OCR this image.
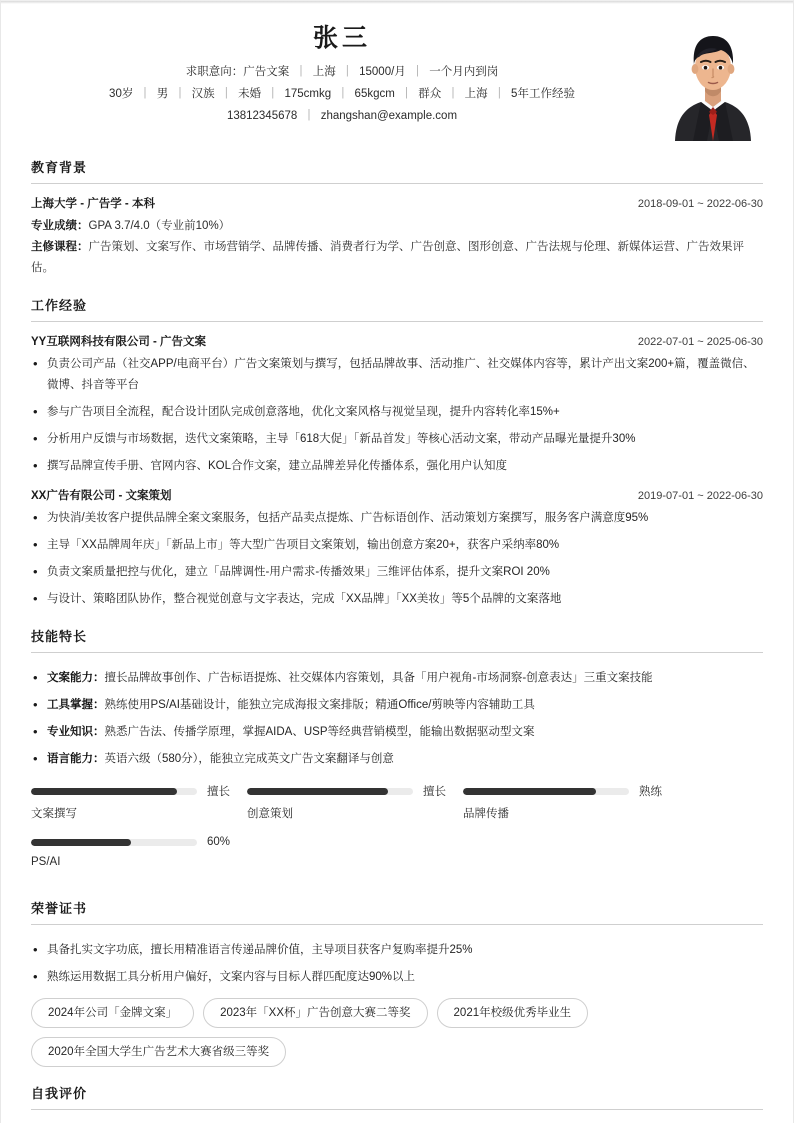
张三
求职意向：广告文案 | 上海 | 15000/月 | 一个月内到岗
30岁 | 男 | 汉族 | 未婚 | 175cmkg | 65kgcm | 群众 | 上海 | 5年工作经验
13812345678 | zhangshan@example.com
教育背景
上海大学 - 广告学 - 本科	2018-09-01 ~ 2022-06-30
专业成绩：GPA 3.7/4.0（专业前10%）
主修课程：广告策划、文案写作、市场营销学、品牌传播、消费者行为学、广告创意、图形创意、广告法规与伦理、新媒体运营、广告效果评估。
工作经验
YY互联网科技有限公司 - 广告文案	2022-07-01 ~ 2025-06-30
• 负责公司产品（社交APP/电商平台）广告文案策划与撰写，包括品牌故事、活动推广、社交媒体内容等，累计产出文案200+篇，覆盖微信、微博、抖音等平台
• 参与广告项目全流程，配合设计团队完成创意落地，优化文案风格与视觉呈现，提升内容转化率15%+
• 分析用户反馈与市场数据，迭代文案策略，主导「618大促」「新品首发」等核心活动文案，带动产品曝光量提升30%
• 撰写品牌宣传手册、官网内容、KOL合作文案，建立品牌差异化传播体系，强化用户认知度
XX广告有限公司 - 文案策划	2019-07-01 ~ 2022-06-30
• 为快消/美妆客户提供品牌全案文案服务，包括产品卖点提炼、广告标语创作、活动策划方案撰写，服务客户满意度95%
• 主导「XX品牌周年庆」「新品上市」等大型广告项目文案策划，输出创意方案20+，获客户采纳率80%
• 负责文案质量把控与优化，建立「品牌调性-用户需求-传播效果」三维评估体系，提升文案ROI 20%
• 与设计、策略团队协作，整合视觉创意与文字表达，完成「XX品牌」「XX美妆」等5个品牌的文案落地
技能特长
• 文案能力：擅长品牌故事创作、广告标语提炼、社交媒体内容策划，具备「用户视角-市场洞察-创意表达」三重文案技能
• 工具掌握：熟练使用PS/AI基础设计，能独立完成海报文案排版；精通Office/剪映等内容辅助工具
• 专业知识：熟悉广告法、传播学原理，掌握AIDA、USP等经典营销模型，能输出数据驱动型文案
• 语言能力：英语六级（580分），能独立完成英文广告文案翻译与创意
擅长
文案撰写
擅长
创意策划
熟练
品牌传播
60%
PS/AI
荣誉证书
• 具备扎实文字功底，擅长用精准语言传递品牌价值，主导项目获客户复购率提升25%
• 熟练运用数据工具分析用户偏好，文案内容与目标人群匹配度达90%以上
2024年公司「金牌文案」	2023年「XX杯」广告创意大赛二等奖	2021年校级优秀毕业生
2020年全国大学生广告艺术大赛省级三等奖
自我评价
